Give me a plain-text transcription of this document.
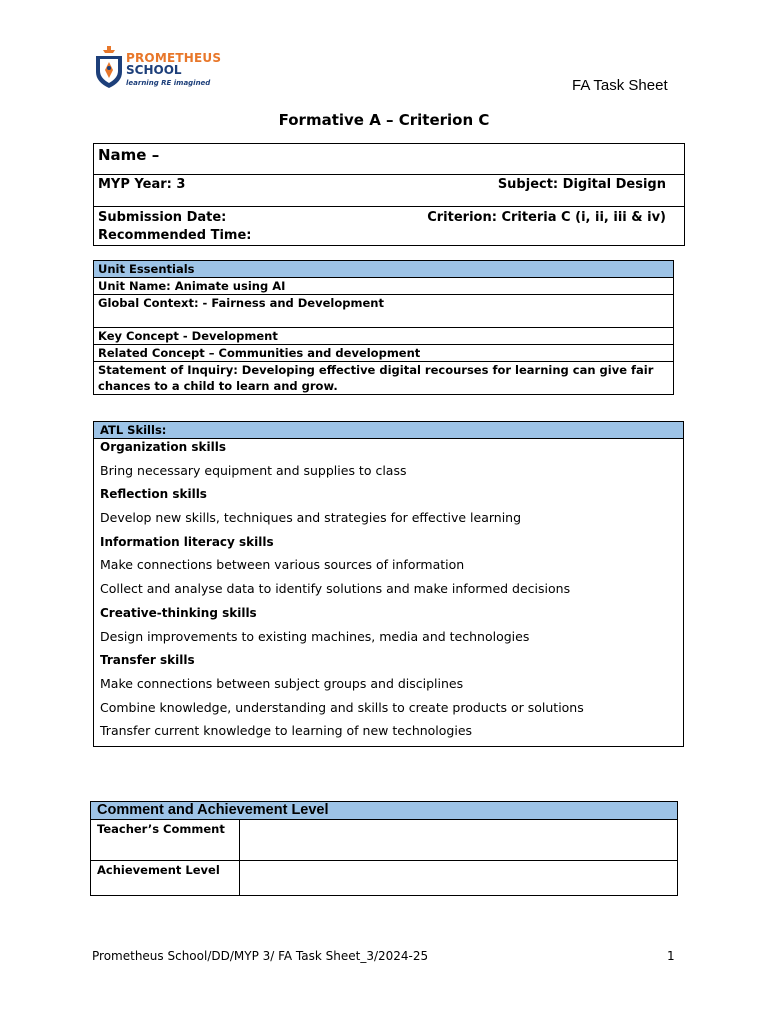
PROMETHEUS
SCHOOL
learning RE imagined	FA Task Sheet
Formative A – Criterion C
Name –

MYP Year: 3	Subject: Digital Design

Submission Date:	Criterion: Criteria C (i, ii, iii & iv)
Recommended Time:
Unit Essentials
Unit Name: Animate using AI
Global Context: - Fairness and Development
Key Concept - Development
Related Concept – Communities and development
Statement of Inquiry: Developing effective digital recourses for learning can give fair chances to a child to learn and grow.
ATL Skills:
Organization skills
Bring necessary equipment and supplies to class
Reflection skills
Develop new skills, techniques and strategies for effective learning
Information literacy skills
Make connections between various sources of information
Collect and analyse data to identify solutions and make informed decisions
Creative-thinking skills
Design improvements to existing machines, media and technologies
Transfer skills
Make connections between subject groups and disciplines
Combine knowledge, understanding and skills to create products or solutions
Transfer current knowledge to learning of new technologies
Comment and Achievement Level	
Teacher’s Comment	
Achievement Level	
Prometheus School/DD/MYP 3/ FA Task Sheet_3/2024-25	1
